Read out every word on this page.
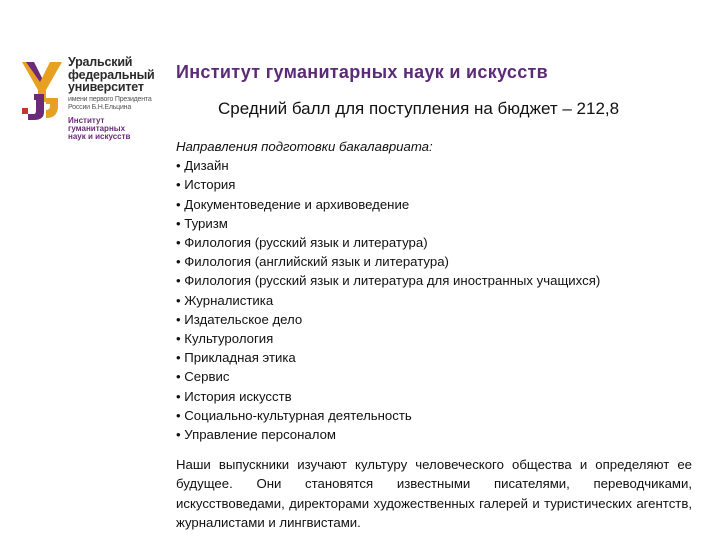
Уральский
федеральный
университет
имени первого Президента
России Б.Н.Ельцина
Институт
гуманитарных
наук и искусств
Институт гуманитарных наук и искусств
Средний балл для поступления на бюджет – 212,8

Направления подготовки бакалавриата:

• Дизайн
• История
• Документоведение и архивоведение
• Туризм
• Филология (русский язык и литература)
• Филология (английский язык и литература)
• Филология (русский язык и литература для иностранных учащихся)
• Журналистика
• Издательское дело
• Культурология
• Прикладная этика
• Сервис
• История искусств
• Социально-культурная деятельность
• Управление персоналом

Наши выпускники изучают культуру человеческого общества и определяют ее будущее. Они становятся известными писателями, переводчиками, искусствоведами, директорами художественных галерей и туристических агентств, журналистами и лингвистами.
